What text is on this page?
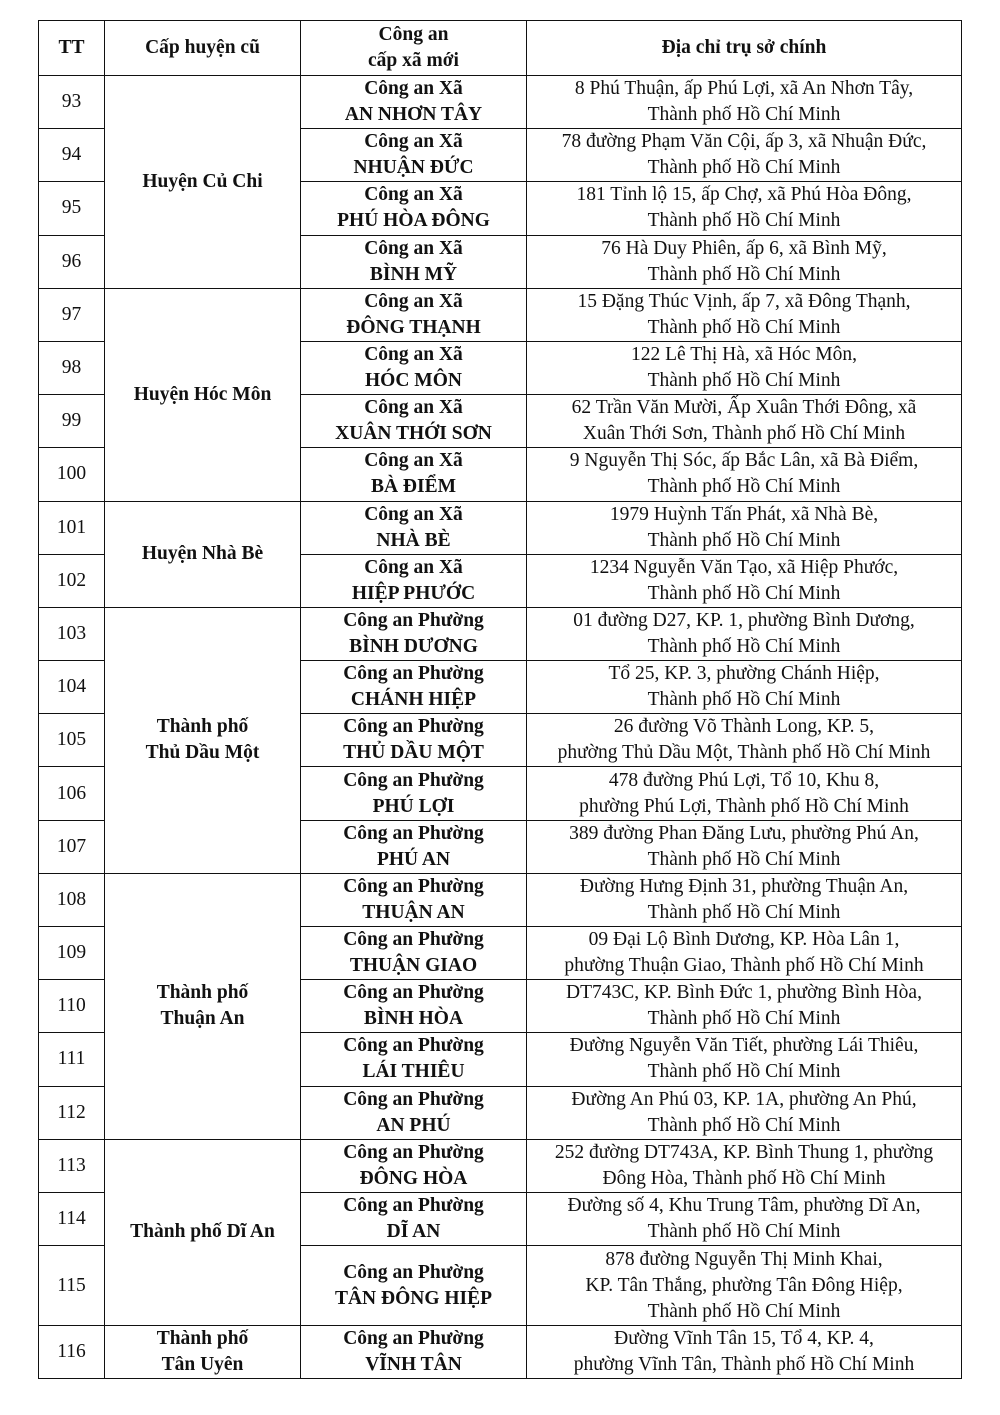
TT	Cấp huyện cũ	Công an
cấp xã mới	Địa chỉ trụ sở chính

93	Huyện Củ Chi	Công an Xã
AN NHƠN TÂY	8 Phú Thuận, ấp Phú Lợi, xã An Nhơn Tây,
Thành phố Hồ Chí Minh

94		Công an Xã
NHUẬN ĐỨC	78 đường Phạm Văn Cội, ấp 3, xã Nhuận Đức,
Thành phố Hồ Chí Minh

95		Công an Xã
PHÚ HÒA ĐÔNG	181 Tỉnh lộ 15, ấp Chợ, xã Phú Hòa Đông,
Thành phố Hồ Chí Minh

96		Công an Xã
BÌNH MỸ	76 Hà Duy Phiên, ấp 6, xã Bình Mỹ,
Thành phố Hồ Chí Minh

97	Huyện Hóc Môn	Công an Xã
ĐÔNG THẠNH	15 Đặng Thúc Vịnh, ấp 7, xã Đông Thạnh,
Thành phố Hồ Chí Minh

98		Công an Xã
HÓC MÔN	122 Lê Thị Hà, xã Hóc Môn,
Thành phố Hồ Chí Minh

99		Công an Xã
XUÂN THỚI SƠN	62 Trần Văn Mười, Ấp Xuân Thới Đông, xã
Xuân Thới Sơn, Thành phố Hồ Chí Minh

100		Công an Xã
BÀ ĐIỂM	9 Nguyễn Thị Sóc, ấp Bắc Lân, xã Bà Điểm,
Thành phố Hồ Chí Minh

101	Huyện Nhà Bè	Công an Xã
NHÀ BÈ	1979 Huỳnh Tấn Phát, xã Nhà Bè,
Thành phố Hồ Chí Minh

102		Công an Xã
HIỆP PHƯỚC	1234 Nguyễn Văn Tạo, xã Hiệp Phước,
Thành phố Hồ Chí Minh

103	Thành phố
Thủ Dầu Một	Công an Phường
BÌNH DƯƠNG	01 đường D27, KP. 1, phường Bình Dương,
Thành phố Hồ Chí Minh

104		Công an Phường
CHÁNH HIỆP	Tổ 25, KP. 3, phường Chánh Hiệp,
Thành phố Hồ Chí Minh

105		Công an Phường
THỦ DẦU MỘT	26 đường Võ Thành Long, KP. 5,
phường Thủ Dầu Một, Thành phố Hồ Chí Minh

106		Công an Phường
PHÚ LỢI	478 đường Phú Lợi, Tổ 10, Khu 8,
phường Phú Lợi, Thành phố Hồ Chí Minh

107		Công an Phường
PHÚ AN	389 đường Phan Đăng Lưu, phường Phú An,
Thành phố Hồ Chí Minh

108	Thành phố
Thuận An	Công an Phường
THUẬN AN	Đường Hưng Định 31, phường Thuận An,
Thành phố Hồ Chí Minh

109		Công an Phường
THUẬN GIAO	09 Đại Lộ Bình Dương, KP. Hòa Lân 1,
phường Thuận Giao, Thành phố Hồ Chí Minh

110		Công an Phường
BÌNH HÒA	DT743C, KP. Bình Đức 1, phường Bình Hòa,
Thành phố Hồ Chí Minh

111		Công an Phường
LÁI THIÊU	Đường Nguyễn Văn Tiết, phường Lái Thiêu,
Thành phố Hồ Chí Minh

112		Công an Phường
AN PHÚ	Đường An Phú 03, KP. 1A, phường An Phú,
Thành phố Hồ Chí Minh

113	Thành phố Dĩ An	Công an Phường
ĐÔNG HÒA	252 đường DT743A, KP. Bình Thung 1, phường
Đông Hòa, Thành phố Hồ Chí Minh

114		Công an Phường
DĨ AN	Đường số 4, Khu Trung Tâm, phường Dĩ An,
Thành phố Hồ Chí Minh

115		Công an Phường
TÂN ĐÔNG HIỆP	878 đường Nguyễn Thị Minh Khai,
KP. Tân Thắng, phường Tân Đông Hiệp,
Thành phố Hồ Chí Minh

116	Thành phố
Tân Uyên	Công an Phường
VĨNH TÂN	Đường Vĩnh Tân 15, Tổ 4, KP. 4,
phường Vĩnh Tân, Thành phố Hồ Chí Minh
